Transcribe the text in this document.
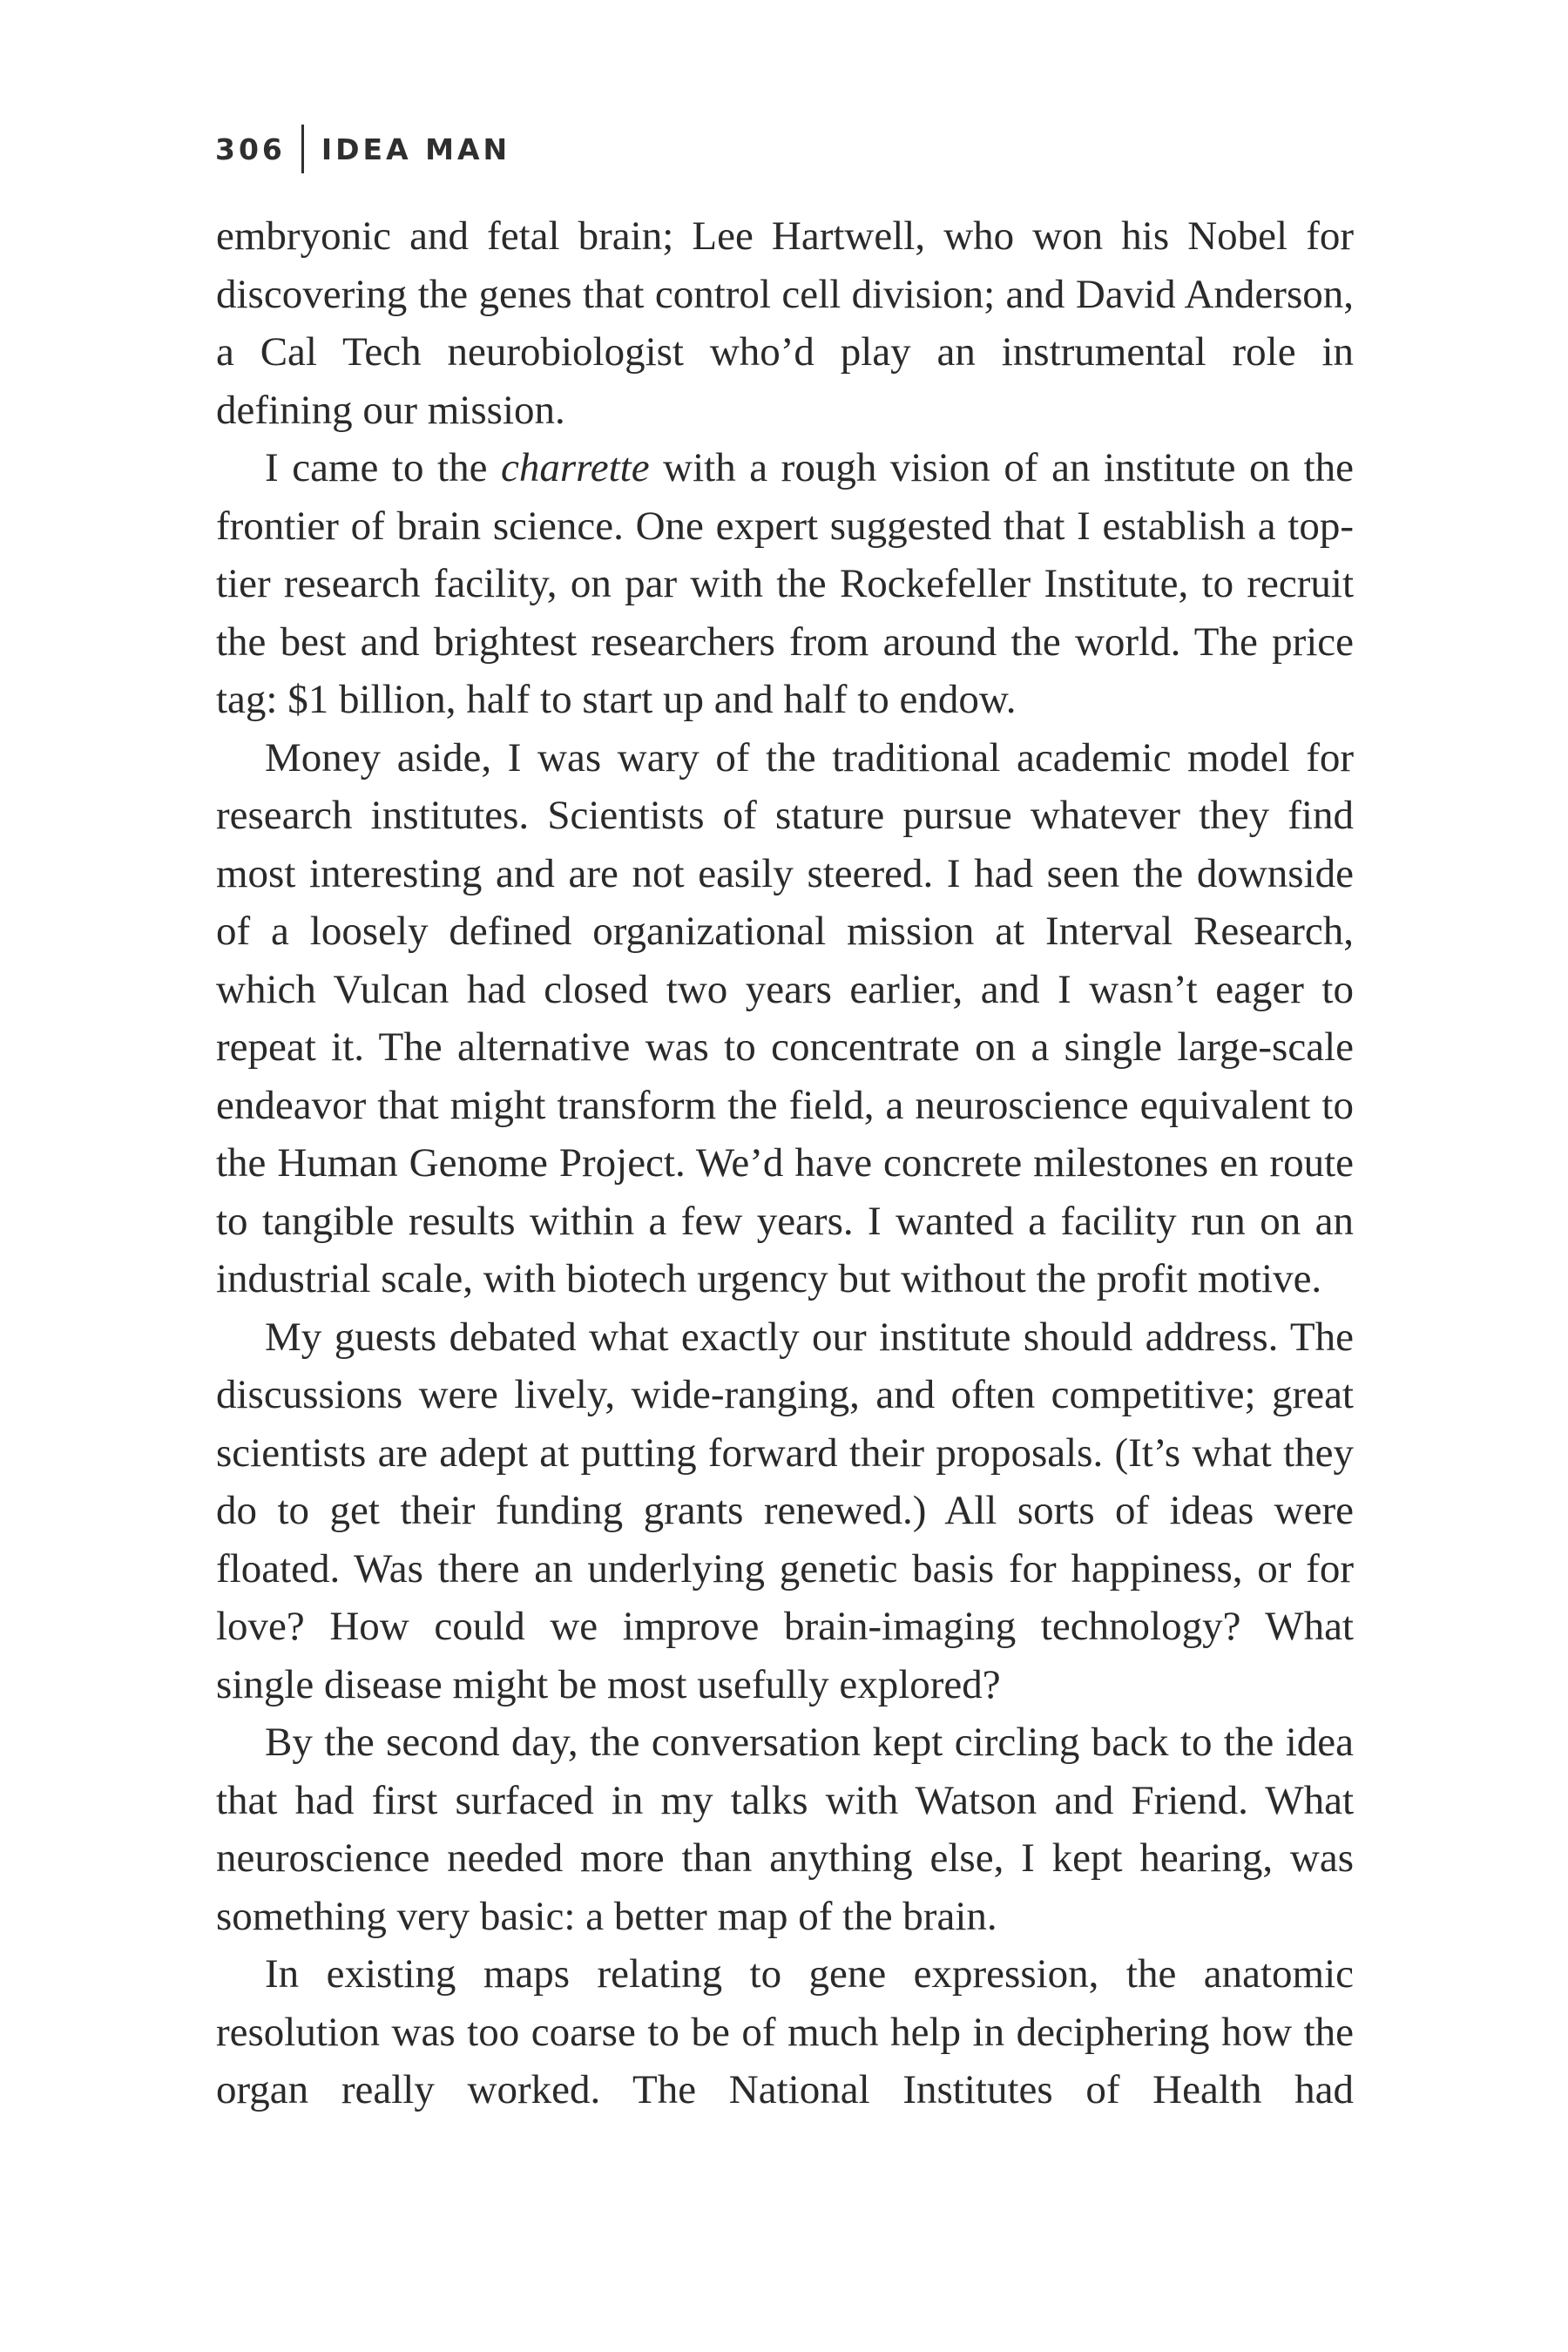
306 IDEA MAN

embryonic and fetal brain; Lee Hartwell, who won his Nobel for discovering the genes that control cell division; and David Anderson, a Cal Tech neurobiologist who’d play an instrumental role in defining our mission.

I came to the charrette with a rough vision of an institute on the frontier of brain science. One expert suggested that I establish a top-tier research facility, on par with the Rockefeller Institute, to recruit the best and brightest researchers from around the world. The price tag: $1 billion, half to start up and half to endow.

Money aside, I was wary of the traditional academic model for research institutes. Scientists of stature pursue whatever they find most interesting and are not easily steered. I had seen the downside of a loosely defined organizational mission at Interval Research, which Vulcan had closed two years earlier, and I wasn’t eager to repeat it. The alternative was to concentrate on a single large-scale endeavor that might transform the field, a neuroscience equivalent to the Human Genome Project. We’d have concrete milestones en route to tangible results within a few years. I wanted a facility run on an industrial scale, with biotech urgency but without the profit motive.

My guests debated what exactly our institute should address. The discussions were lively, wide-ranging, and often competitive; great scientists are adept at putting forward their proposals. (It’s what they do to get their funding grants renewed.) All sorts of ideas were floated. Was there an underlying genetic basis for happiness, or for love? How could we improve brain-imaging technology? What single disease might be most usefully explored?

By the second day, the conversation kept circling back to the idea that had first surfaced in my talks with Watson and Friend. What neuroscience needed more than anything else, I kept hearing, was something very basic: a better map of the brain.

In existing maps relating to gene expression, the anatomic resolution was too coarse to be of much help in deciphering how the organ really worked. The National Institutes of Health had
